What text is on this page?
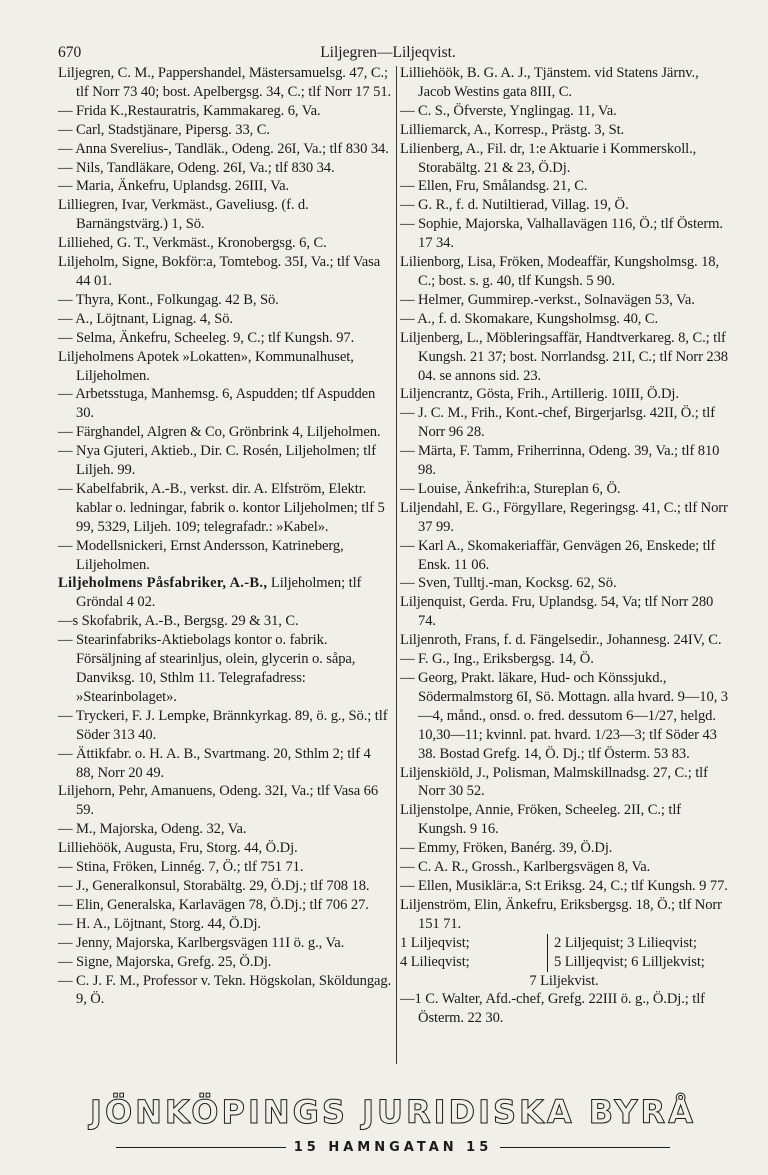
670	Liljegren—Liljeqvist.

Liljegren, C. M., Pappershandel, Mästersamuelsg. 47, C.; tlf Norr 73 40; bost. Apelbergsg. 34, C.; tlf Norr 17 51.

— Frida K.,Restauratris, Kammakareg. 6, Va.

— Carl, Stadstjänare, Pipersg. 33, C.

— Anna Sverelius-, Tandläk., Odeng. 26I, Va.; tlf 830 34.

— Nils, Tandläkare, Odeng. 26I, Va.; tlf 830 34.

— Maria, Änkefru, Uplandsg. 26III, Va.

Lilliegren, Ivar, Verkmäst., Gaveliusg. (f. d. Barnängstvärg.) 1, Sö.

Lilliehed, G. T., Verkmäst., Kronobergsg. 6, C.

Liljeholm, Signe, Bokför:a, Tomtebog. 35I, Va.; tlf Vasa 44 01.

— Thyra, Kont., Folkungag. 42 B, Sö.

— A., Löjtnant, Lignag. 4, Sö.

— Selma, Änkefru, Scheeleg. 9, C.; tlf Kungsh. 97.

Liljeholmens Apotek »Lokatten», Kommunalhuset, Liljeholmen.

— Arbetsstuga, Manhemsg. 6, Aspudden; tlf Aspudden 30.

— Färghandel, Algren & Co, Grönbrink 4, Liljeholmen.

— Nya Gjuteri, Aktieb., Dir. C. Rosén, Liljeholmen; tlf Liljeh. 99.

— Kabelfabrik, A.-B., verkst. dir. A. Elfström, Elektr. kablar o. ledningar, fabrik o. kontor Liljeholmen; tlf 5 99, 5329, Liljeh. 109; telegrafadr.: »Kabel».

— Modellsnickeri, Ernst Andersson, Katrineberg, Liljeholmen.

Liljeholmens Påsfabriker, A.-B., Liljeholmen; tlf Gröndal 4 02.

—s Skofabrik, A.-B., Bergsg. 29 & 31, C.

— Stearinfabriks-Aktiebolags kontor o. fabrik. Försäljning af stearinljus, olein, glycerin o. såpa, Danviksg. 10, Sthlm 11. Telegrafadress: »Stearinbolaget».

— Tryckeri, F. J. Lempke, Brännkyrkag. 89, ö. g., Sö.; tlf Söder 313 40.

— Ättikfabr. o. H. A. B., Svartmang. 20, Sthlm 2; tlf 4 88, Norr 20 49.

Liljehorn, Pehr, Amanuens, Odeng. 32I, Va.; tlf Vasa 66 59.

— M., Majorska, Odeng. 32, Va.

Lilliehöök, Augusta, Fru, Storg. 44, Ö.Dj.

— Stina, Fröken, Linnég. 7, Ö.; tlf 751 71.

— J., Generalkonsul, Storabältg. 29, Ö.Dj.; tlf 708 18.

— Elin, Generalska, Karlavägen 78, Ö.Dj.; tlf 706 27.

— H. A., Löjtnant, Storg. 44, Ö.Dj.

— Jenny, Majorska, Karlbergsvägen 11I ö. g., Va.

— Signe, Majorska, Grefg. 25, Ö.Dj.

— C. J. F. M., Professor v. Tekn. Högskolan, Sköldungag. 9, Ö.

Lilliehöök, B. G. A. J., Tjänstem. vid Statens Järnv., Jacob Westins gata 8III, C.

— C. S., Öfverste, Ynglingag. 11, Va.

Lilliemarck, A., Korresp., Prästg. 3, St.

Lilienberg, A., Fil. dr, 1:e Aktuarie i Kommerskoll., Storabältg. 21 & 23, Ö.Dj.

— Ellen, Fru, Smålandsg. 21, C.

— G. R., f. d. Nutiltierad, Villag. 19, Ö.

— Sophie, Majorska, Valhallavägen 116, Ö.; tlf Österm. 17 34.

Lilienborg, Lisa, Fröken, Modeaffär, Kungsholmsg. 18, C.; bost. s. g. 40, tlf Kungsh. 5 90.

— Helmer, Gummirep.-verkst., Solnavägen 53, Va.

— A., f. d. Skomakare, Kungsholmsg. 40, C.

Liljenberg, L., Möbleringsaffär, Handtverkareg. 8, C.; tlf Kungsh. 21 37; bost. Norrlandsg. 21I, C.; tlf Norr 238 04. se annons sid. 23.

Liljencrantz, Gösta, Frih., Artillerig. 10III, Ö.Dj.

— J. C. M., Frih., Kont.-chef, Birgerjarlsg. 42II, Ö.; tlf Norr 96 28.

— Märta, F. Tamm, Friherrinna, Odeng. 39, Va.; tlf 810 98.

— Louise, Änkefrih:a, Stureplan 6, Ö.

Liljendahl, E. G., Förgyllare, Regeringsg. 41, C.; tlf Norr 37 99.

— Karl A., Skomakeriaffär, Genvägen 26, Enskede; tlf Ensk. 11 06.

— Sven, Tulltj.-man, Kocksg. 62, Sö.

Liljenquist, Gerda. Fru, Uplandsg. 54, Va; tlf Norr 280 74.

Liljenroth, Frans, f. d. Fängelsedir., Johannesg. 24IV, C.

— F. G., Ing., Eriksbergsg. 14, Ö.

— Georg, Prakt. läkare, Hud- och Könssjukd., Södermalmstorg 6I, Sö. Mottagn. alla hvard. 9—10, 3—4, månd., onsd. o. fred. dessutom 6—1/27, helgd. 10,30—11; kvinnl. pat. hvard. 1/23—3; tlf Söder 43 38. Bostad Grefg. 14, Ö. Dj.; tlf Österm. 53 83.

Liljenskiöld, J., Polisman, Malmskillnadsg. 27, C.; tlf Norr 30 52.

Liljenstolpe, Annie, Fröken, Scheeleg. 2II, C.; tlf Kungsh. 9 16.

— Emmy, Fröken, Banérg. 39, Ö.Dj.

— C. A. R., Grossh., Karlbergsvägen 8, Va.

— Ellen, Musiklär:a, S:t Eriksg. 24, C.; tlf Kungsh. 9 77.

Liljenström, Elin, Änkefru, Eriksbergsg. 18, Ö.; tlf Norr 151 71.

1 Liljeqvist;
4 Lilieqvist;
2 Liljequist; 3 Lilieqvist;
5 Lilljeqvist; 6 Lilljekvist;
7 Liljekvist.

—1 C. Walter, Afd.-chef, Grefg. 22III ö. g., Ö.Dj.; tlf Österm. 22 30.

JÖNKÖPINGS JURIDISKA BYRÅ
15 HAMNGATAN 15
